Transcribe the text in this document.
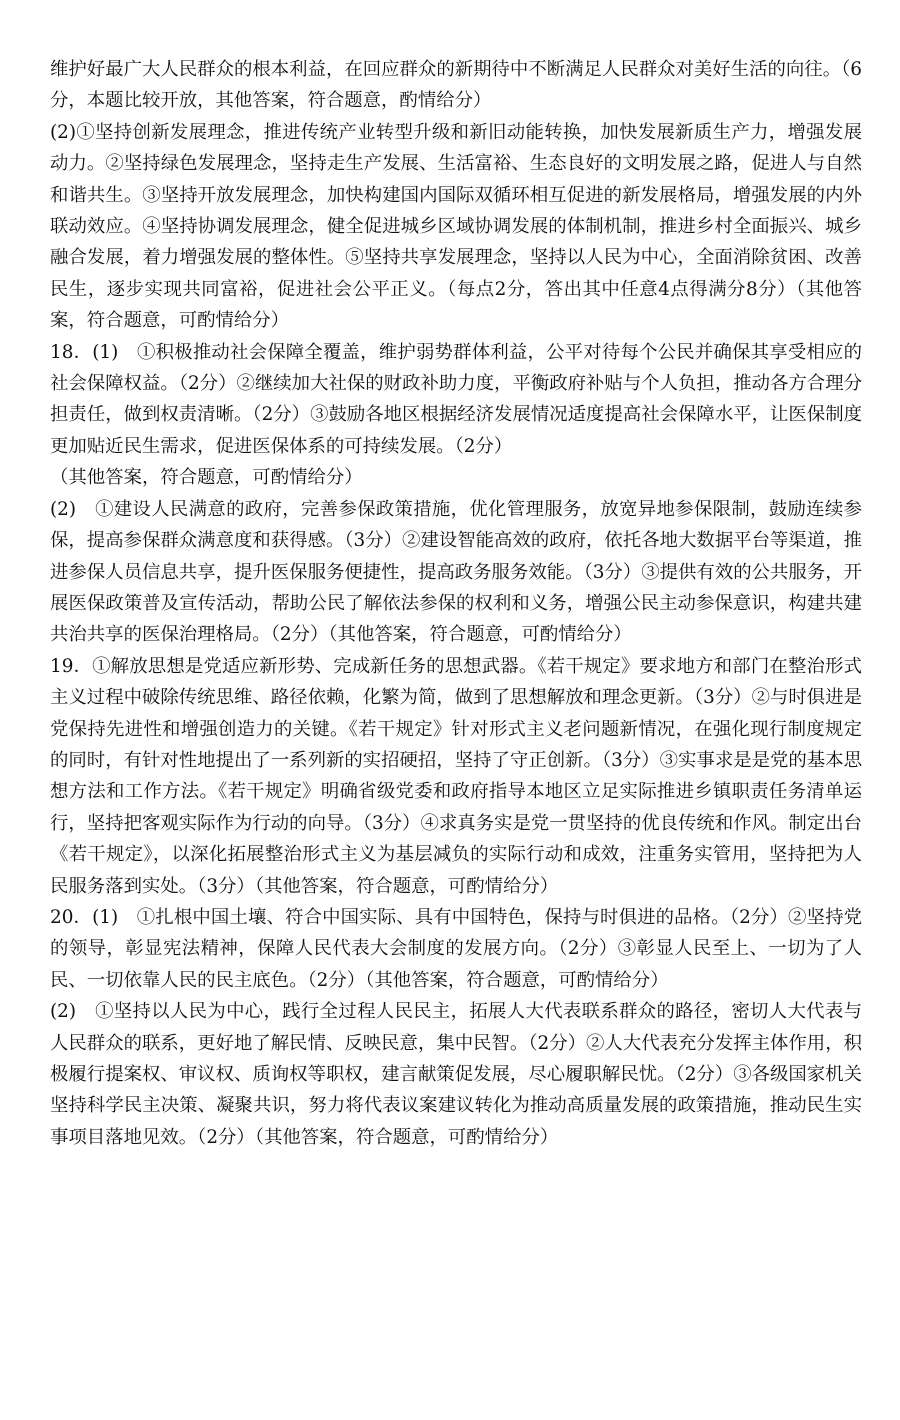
维护好最广大人民群众的根本利益，在回应群众的新期待中不断满足人民群众对美好生活的向往。（6分，本题比较开放，其他答案，符合题意，酌情给分）

(2)①坚持创新发展理念，推进传统产业转型升级和新旧动能转换，加快发展新质生产力，增强发展动力。②坚持绿色发展理念，坚持走生产发展、生活富裕、生态良好的文明发展之路，促进人与自然和谐共生。③坚持开放发展理念，加快构建国内国际双循环相互促进的新发展格局，增强发展的内外联动效应。④坚持协调发展理念，健全促进城乡区域协调发展的体制机制，推进乡村全面振兴、城乡融合发展，着力增强发展的整体性。⑤坚持共享发展理念，坚持以人民为中心，全面消除贫困、改善民生，逐步实现共同富裕，促进社会公平正义。（每点2分，答出其中任意4点得满分8分）（其他答案，符合题意，可酌情给分）

18．(1)　①积极推动社会保障全覆盖，维护弱势群体利益，公平对待每个公民并确保其享受相应的社会保障权益。（2分）②继续加大社保的财政补助力度，平衡政府补贴与个人负担，推动各方合理分担责任，做到权责清晰。（2分）③鼓励各地区根据经济发展情况适度提高社会保障水平，让医保制度更加贴近民生需求，促进医保体系的可持续发展。（2分）

（其他答案，符合题意，可酌情给分）

(2)　①建设人民满意的政府，完善参保政策措施，优化管理服务，放宽异地参保限制，鼓励连续参保，提高参保群众满意度和获得感。（3分）②建设智能高效的政府，依托各地大数据平台等渠道，推进参保人员信息共享，提升医保服务便捷性，提高政务服务效能。（3分）③提供有效的公共服务，开展医保政策普及宣传活动，帮助公民了解依法参保的权利和义务，增强公民主动参保意识，构建共建共治共享的医保治理格局。（2分）（其他答案，符合题意，可酌情给分）

19．①解放思想是党适应新形势、完成新任务的思想武器。《若干规定》要求地方和部门在整治形式主义过程中破除传统思维、路径依赖，化繁为简，做到了思想解放和理念更新。（3分）②与时俱进是党保持先进性和增强创造力的关键。《若干规定》针对形式主义老问题新情况，在强化现行制度规定的同时，有针对性地提出了一系列新的实招硬招，坚持了守正创新。（3分）③实事求是是党的基本思想方法和工作方法。《若干规定》明确省级党委和政府指导本地区立足实际推进乡镇职责任务清单运行，坚持把客观实际作为行动的向导。（3分）④求真务实是党一贯坚持的优良传统和作风。制定出台《若干规定》，以深化拓展整治形式主义为基层减负的实际行动和成效，注重务实管用，坚持把为人民服务落到实处。（3分）（其他答案，符合题意，可酌情给分）

20．(1)　①扎根中国土壤、符合中国实际、具有中国特色，保持与时俱进的品格。（2分）②坚持党的领导，彰显宪法精神，保障人民代表大会制度的发展方向。（2分）③彰显人民至上、一切为了人民、一切依靠人民的民主底色。（2分）（其他答案，符合题意，可酌情给分）

(2)　①坚持以人民为中心，践行全过程人民民主，拓展人大代表联系群众的路径，密切人大代表与人民群众的联系，更好地了解民情、反映民意，集中民智。（2分）②人大代表充分发挥主体作用，积极履行提案权、审议权、质询权等职权，建言献策促发展，尽心履职解民忧。（2分）③各级国家机关坚持科学民主决策、凝聚共识，努力将代表议案建议转化为推动高质量发展的政策措施，推动民生实事项目落地见效。（2分）（其他答案，符合题意，可酌情给分）
